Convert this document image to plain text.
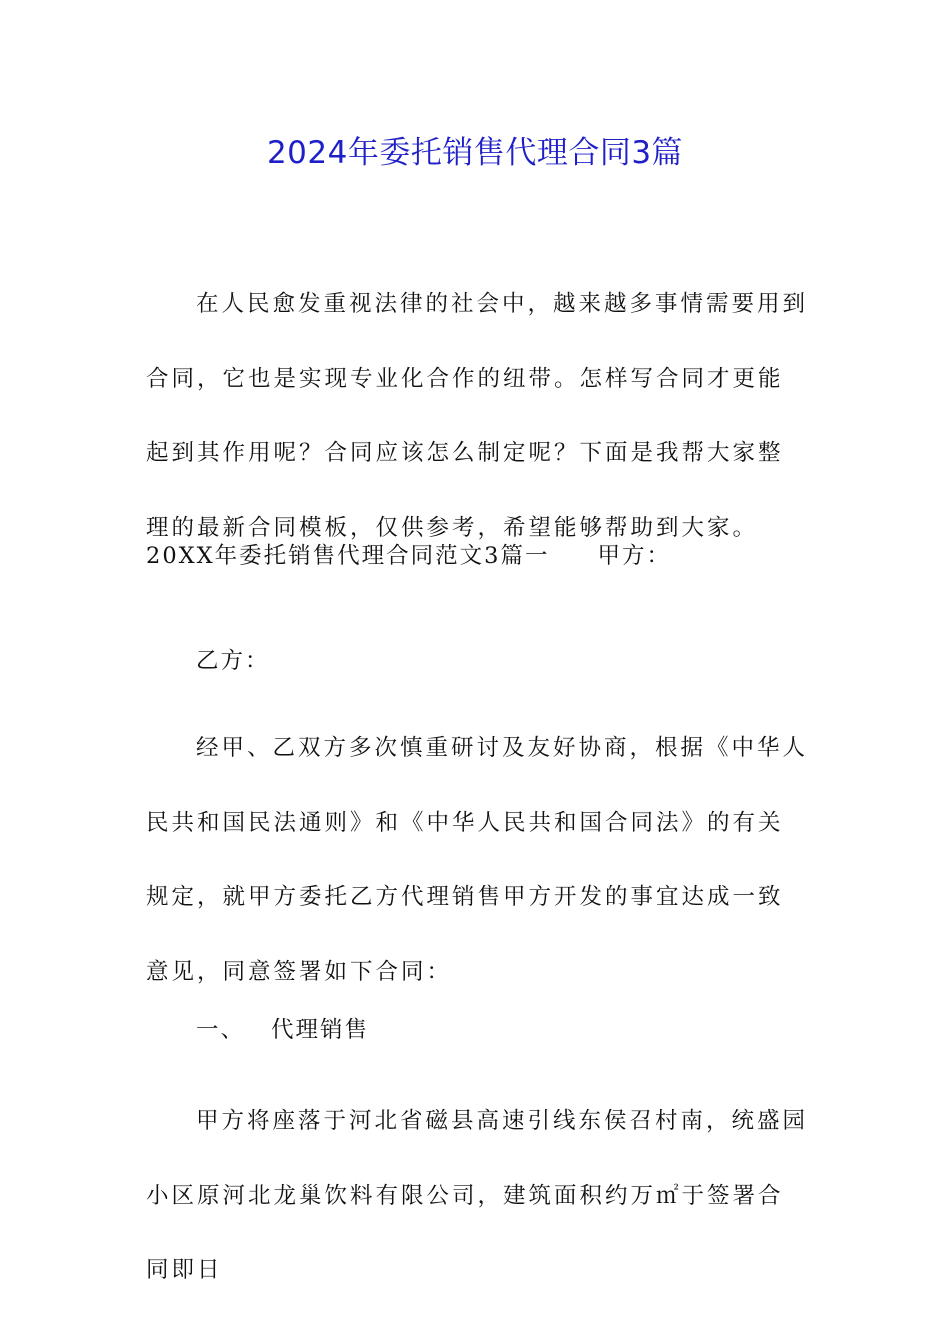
2024年委托销售代理合同3篇

在人民愈发重视法律的社会中，越来越多事情需要用到合同，它也是实现专业化合作的纽带。怎样写合同才更能起到其作用呢？合同应该怎么制定呢？下面是我帮大家整理的最新合同模板，仅供参考，希望能够帮助到大家。

20XX年委托销售代理合同范文3篇一 甲方：

乙方：

经甲、乙双方多次慎重研讨及友好协商，根据《中华人民共和国民法通则》和《中华人民共和国合同法》的有关规定，就甲方委托乙方代理销售甲方开发的事宜达成一致意见，同意签署如下合同：

一、 代理销售

甲方将座落于河北省磁县高速引线东侯召村南，统盛园小区原河北龙巢饮料有限公司，建筑面积约万㎡于签署合同即日
